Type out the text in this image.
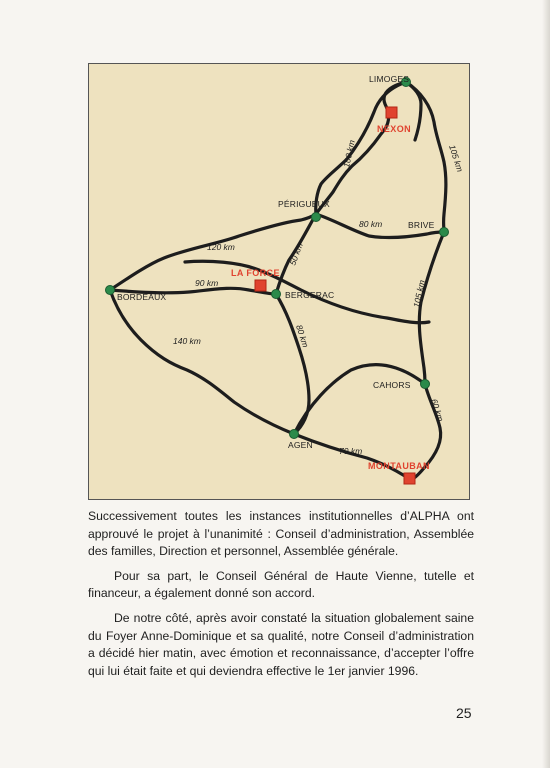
LIMOGES
PÉRIGUEUX
BRIVE
BORDEAUX	BERGERAC
CAHORS
AGEN
NEXON
LA FORCE
MONTAUBAN
100 km	105 km
80 km
120 km	50 km
90 km
140 km	80 km
105 km
60 km
70 km

Successivement toutes les instances institutionnelles d’ALPHA ont approuvé le projet à l’unanimité : Conseil d’administration, Assemblée des familles, Direction et personnel, Assemblée générale.

Pour sa part, le Conseil Général de Haute Vienne, tutelle et financeur, a également donné son accord.

De notre côté, après avoir constaté la situation globalement saine du Foyer Anne-Dominique et sa qualité, notre Conseil d’administration a décidé hier matin, avec émotion et reconnaissance, d’accepter l’offre qui lui était faite et qui deviendra effective le 1er janvier 1996.

25
